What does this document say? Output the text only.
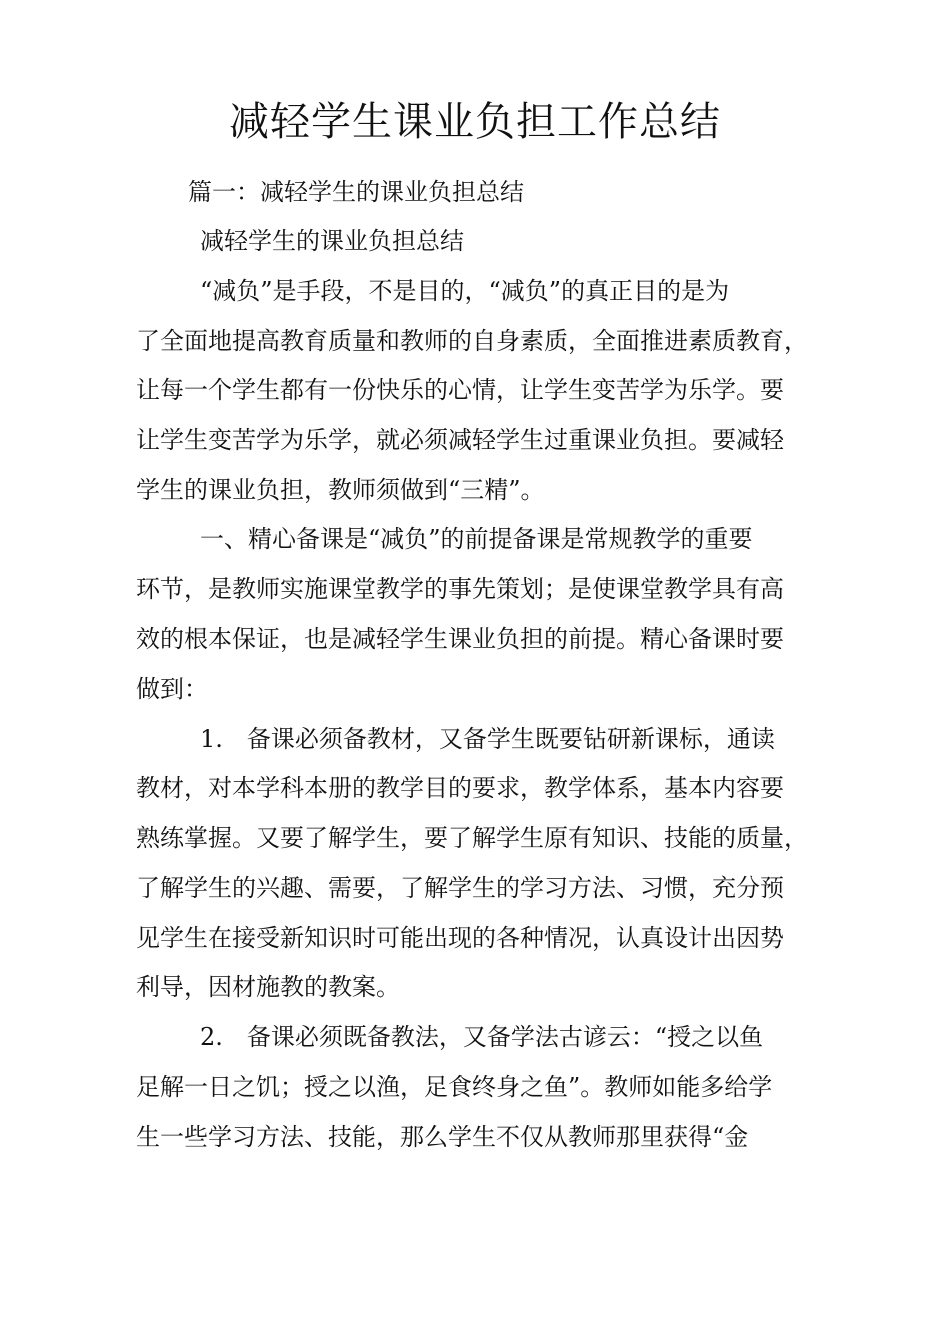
减轻学生课业负担工作总结

篇一：减轻学生的课业负担总结

减轻学生的课业负担总结

“减负”是手段，不是目的，“减负”的真正目的是为

了全面地提高教育质量和教师的自身素质，全面推进素质教育，

让每一个学生都有一份快乐的心情，让学生变苦学为乐学。要

让学生变苦学为乐学，就必须减轻学生过重课业负担。要减轻

学生的课业负担，教师须做到“三精”。

一、精心备课是“减负”的前提备课是常规教学的重要

环节，是教师实施课堂教学的事先策划；是使课堂教学具有高

效的根本保证，也是减轻学生课业负担的前提。精心备课时要

做到：

1.　备课必须备教材，又备学生既要钻研新课标，通读

教材，对本学科本册的教学目的要求，教学体系，基本内容要

熟练掌握。又要了解学生，要了解学生原有知识、技能的质量，

了解学生的兴趣、需要，了解学生的学习方法、习惯，充分预

见学生在接受新知识时可能出现的各种情况，认真设计出因势

利导，因材施教的教案。

2.　备课必须既备教法，又备学法古谚云：“授之以鱼

足解一日之饥；授之以渔，足食终身之鱼”。教师如能多给学

生一些学习方法、技能，那么学生不仅从教师那里获得“金
